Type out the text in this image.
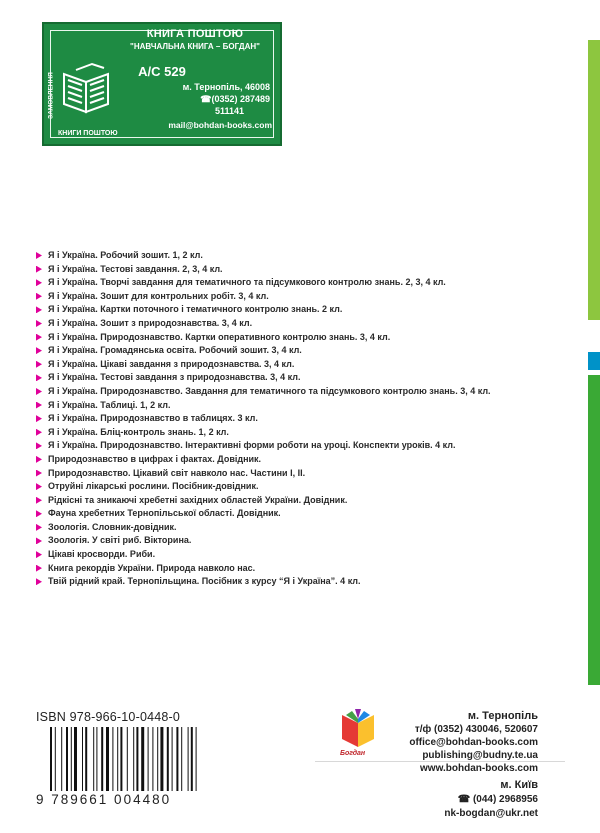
КНИГА ПОШТОЮ
"НАВЧАЛЬНА КНИГА – БОГДАН"
А/С 529
м. Тернопіль, 46008
☎(0352) 287489
511141
mail@bohdan-books.com
ЗАМОВЛЕННЯ
КНИГИ ПОШТОЮ
Я і Україна. Робочий зошит. 1, 2 кл.
Я і Україна. Тестові завдання. 2, 3, 4 кл.
Я і Україна. Творчі завдання для тематичного та підсумкового контролю знань. 2, 3, 4 кл.
Я і Україна. Зошит для контрольних робіт. 3, 4 кл.
Я і Україна. Картки поточного і тематичного контролю знань. 2 кл.
Я і Україна. Зошит з природознавства. 3, 4 кл.
Я і Україна. Природознавство. Картки оперативного контролю знань. 3, 4 кл.
Я і Україна. Громадянська освіта. Робочий зошит. 3, 4 кл.
Я і Україна. Цікаві завдання з природознавства. 3, 4 кл.
Я і Україна. Тестові завдання з природознавства. 3, 4 кл.
Я і Україна. Природознавство. Завдання для тематичного та підсумкового контролю знань. 3, 4 кл.
Я і Україна. Таблиці. 1, 2 кл.
Я і Україна. Природознавство в таблицях. 3 кл.
Я і Україна. Бліц-контроль знань. 1, 2 кл.
Я і Україна. Природознавство. Інтерактивні форми роботи на уроці. Конспекти уроків. 4 кл.
Природознавство в цифрах і фактах. Довідник.
Природознавство. Цікавий світ навколо нас. Частини І, ІІ.
Отруйні лікарські рослини. Посібник-довідник.
Рідкісні та зникаючі хребетні західних областей України. Довідник.
Фауна хребетних Тернопільської області. Довідник.
Зоологія. Словник-довідник.
Зоологія. У світі риб. Вікторина.
Цікаві кросворди. Риби.
Книга рекордів України. Природа навколо нас.
Твій рідний край. Тернопільщина. Посібник з курсу “Я і Україна”. 4 кл.
ISBN 978-966-10-0448-0
9 789661 004480
Богдан
м. Тернопіль
т/ф (0352) 430046, 520607
office@bohdan-books.com
publishing@budny.te.ua
www.bohdan-books.com
м. Київ
☎ (044) 2968956
nk-bogdan@ukr.net
